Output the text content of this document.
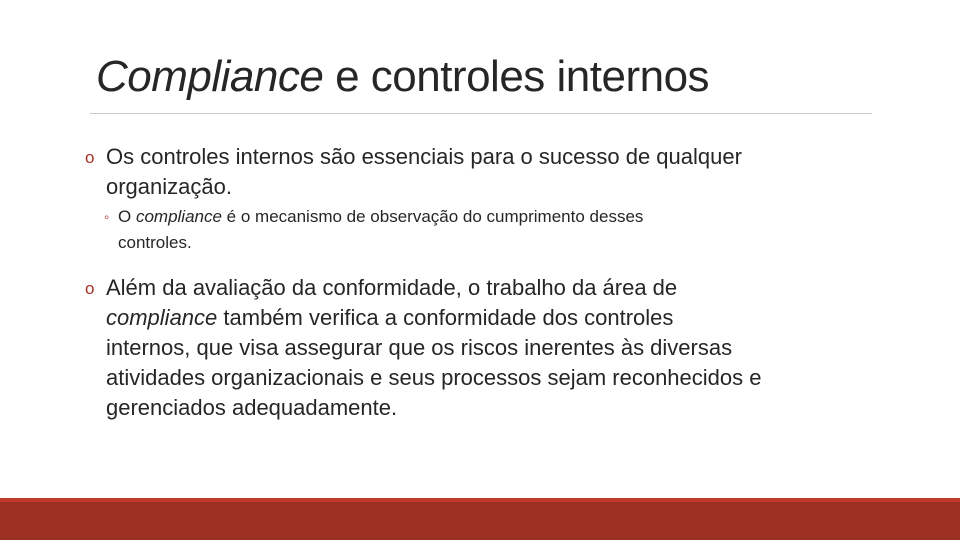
Compliance e controles internos
o Os controles internos são essenciais para o sucesso de qualquer
organização.
◦ O compliance é o mecanismo de observação do cumprimento desses
controles.
o Além da avaliação da conformidade, o trabalho da área de
compliance também verifica a conformidade dos controles
internos, que visa assegurar que os riscos inerentes às diversas
atividades organizacionais e seus processos sejam reconhecidos e
gerenciados adequadamente.
